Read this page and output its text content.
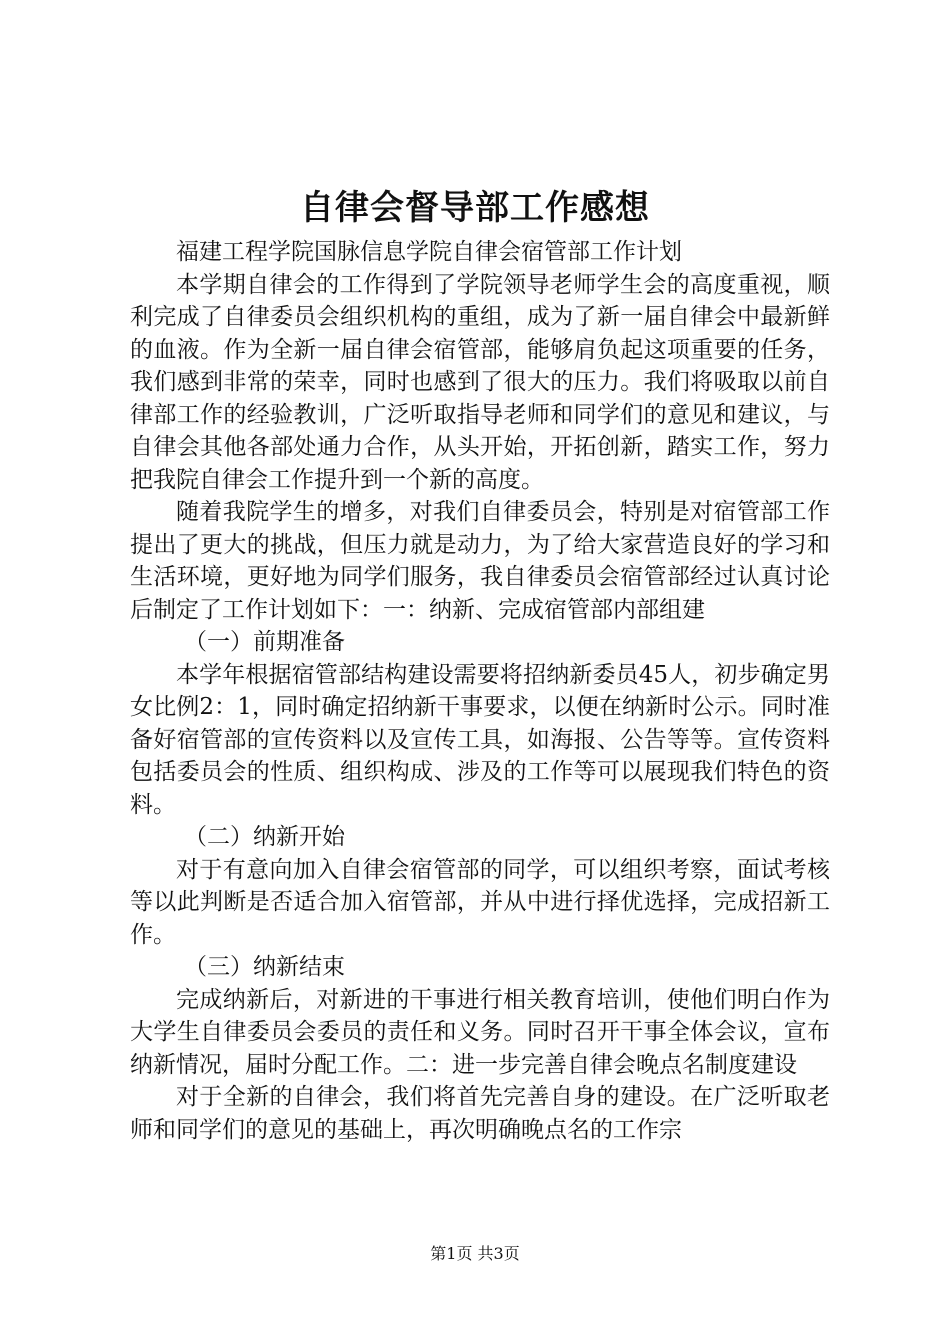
自律会督导部工作感想

福建工程学院国脉信息学院自律会宿管部工作计划

本学期自律会的工作得到了学院领导老师学生会的高度重视，顺利完成了自律委员会组织机构的重组，成为了新一届自律会中最新鲜的血液。作为全新一届自律会宿管部，能够肩负起这项重要的任务，我们感到非常的荣幸，同时也感到了很大的压力。我们将吸取以前自律部工作的经验教训，广泛听取指导老师和同学们的意见和建议，与自律会其他各部处通力合作，从头开始，开拓创新，踏实工作，努力把我院自律会工作提升到一个新的高度。

随着我院学生的增多，对我们自律委员会，特别是对宿管部工作提出了更大的挑战，但压力就是动力，为了给大家营造良好的学习和生活环境，更好地为同学们服务，我自律委员会宿管部经过认真讨论后制定了工作计划如下：一：纳新、完成宿管部内部组建

（一）前期准备

本学年根据宿管部结构建设需要将招纳新委员45人，初步确定男女比例2：1，同时确定招纳新干事要求，以便在纳新时公示。同时准备好宿管部的宣传资料以及宣传工具，如海报、公告等等。宣传资料包括委员会的性质、组织构成、涉及的工作等可以展现我们特色的资料。

（二）纳新开始

对于有意向加入自律会宿管部的同学，可以组织考察，面试考核等以此判断是否适合加入宿管部，并从中进行择优选择，完成招新工作。

（三）纳新结束

完成纳新后，对新进的干事进行相关教育培训，使他们明白作为大学生自律委员会委员的责任和义务。同时召开干事全体会议，宣布纳新情况，届时分配工作。二：进一步完善自律会晚点名制度建设

对于全新的自律会，我们将首先完善自身的建设。在广泛听取老师和同学们的意见的基础上，再次明确晚点名的工作宗

第1页 共3页
